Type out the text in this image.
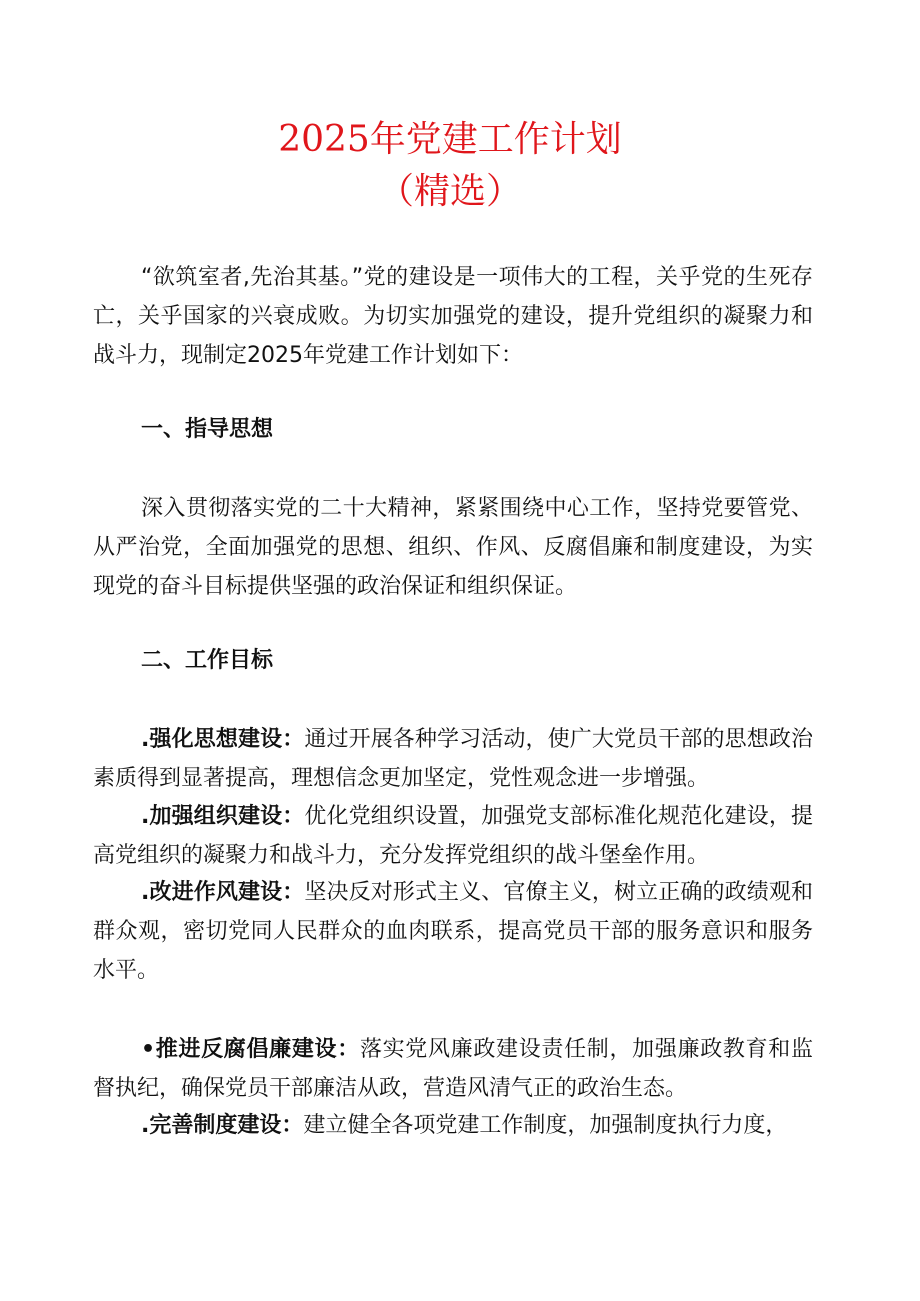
2025年党建工作计划
（精选）

“欲筑室者,先治其基。”党的建设是一项伟大的工程，关乎党的生死存亡，关乎国家的兴衰成败。为切实加强党的建设，提升党组织的凝聚力和战斗力，现制定2025年党建工作计划如下：

一、指导思想

深入贯彻落实党的二十大精神，紧紧围绕中心工作，坚持党要管党、从严治党，全面加强党的思想、组织、作风、反腐倡廉和制度建设，为实现党的奋斗目标提供坚强的政治保证和组织保证。

二、工作目标

.强化思想建设：通过开展各种学习活动，使广大党员干部的思想政治素质得到显著提高，理想信念更加坚定，党性观念进一步增强。

.加强组织建设：优化党组织设置，加强党支部标准化规范化建设，提高党组织的凝聚力和战斗力，充分发挥党组织的战斗堡垒作用。

.改进作风建设：坚决反对形式主义、官僚主义，树立正确的政绩观和群众观，密切党同人民群众的血肉联系，提高党员干部的服务意识和服务水平。

•推进反腐倡廉建设：落实党风廉政建设责任制，加强廉政教育和监督执纪，确保党员干部廉洁从政，营造风清气正的政治生态。

.完善制度建设：建立健全各项党建工作制度，加强制度执行力度，
